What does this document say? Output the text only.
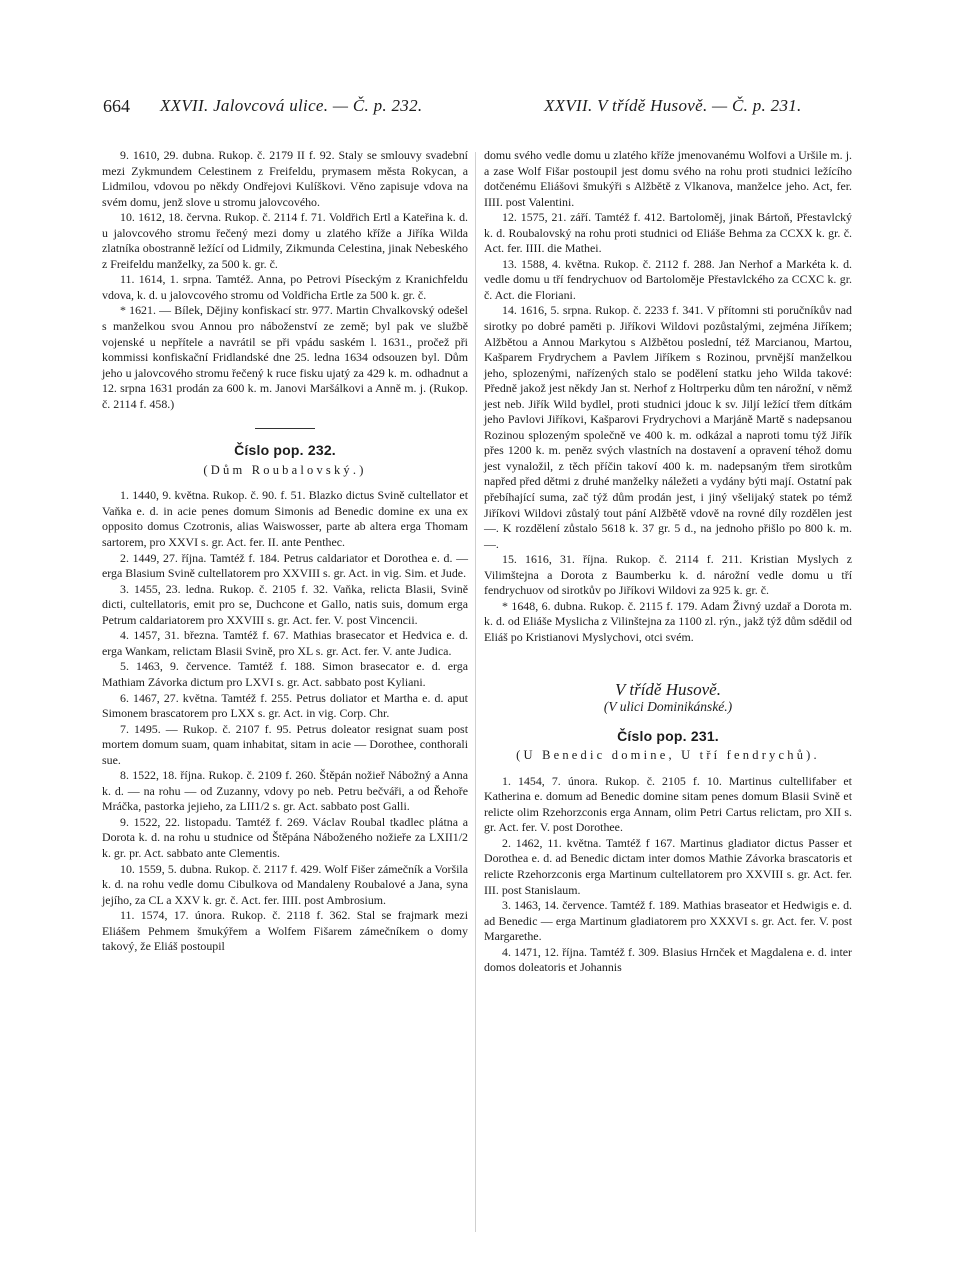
664 XXVII. Jalovcová ulice. — Č. p. 232.	XXVII. V třídě Husově. — Č. p. 231.

9. 1610, 29. dubna. Rukop. č. 2179 II f. 92. Staly se smlouvy svadební mezi Zykmundem Celestinem z Freifeldu, prymasem města Rokycan, a Lidmilou, vdovou po někdy Ondřejovi Kulíškovi. Věno zapisuje vdova na svém domu, jenž slove u stromu jalovcového.

10. 1612, 18. června. Rukop. č. 2114 f. 71. Voldřich Ertl a Kateřina k. d. u jalovcového stromu řečený mezi domy u zlatého kříže a Jiříka Wilda zlatníka obostranně ležící od Lidmily, Zikmunda Celestina, jinak Nebeského z Freifeldu manželky, za 500 k. gr. č.

11. 1614, 1. srpna. Tamtéž. Anna, po Petrovi Píseckým z Kranichfeldu vdova, k. d. u jalovcového stromu od Voldřicha Ertle za 500 k. gr. č.

* 1621. — Bílek, Dějiny konfiskací str. 977. Martin Chvalkovský odešel s manželkou svou Annou pro náboženství ze země; byl pak ve službě vojenské u nepřítele a navrátil se při vpádu saském l. 1631., pročež při kommissi konfiskační Fridlandské dne 25. ledna 1634 odsouzen byl. Dům jeho u jalovcového stromu řečený k ruce fisku ujatý za 429 k. m. odhadnut a 12. srpna 1631 prodán za 600 k. m. Janovi Maršálkovi a Anně m. j. (Rukop. č. 2114 f. 458.)

Číslo pop. 232.
(Dům Roubalovský.)

1. 1440, 9. května. Rukop. č. 90. f. 51. Blazko dictus Svině cultellator et Vaňka e. d. in acie penes domum Simonis ad Benedic domine ex una ex opposito domus Czotronis, alias Waiswosser, parte ab altera erga Thomam sartorem, pro XXVI s. gr. Act. fer. II. ante Penthec.

2. 1449, 27. října. Tamtéž f. 184. Petrus caldariator et Dorothea e. d. — erga Blasium Svině cultellatorem pro XXVIII s. gr. Act. in vig. Sim. et Jude.

3. 1455, 23. ledna. Rukop. č. 2105 f. 32. Vaňka, relicta Blasii, Svině dicti, cultellatoris, emit pro se, Duchcone et Gallo, natis suis, domum erga Petrum caldariatorem pro XXVIII s. gr. Act. fer. V. post Vincencii.

4. 1457, 31. března. Tamtéž f. 67. Mathias brasecator et Hedvica e. d. erga Wankam, relictam Blasii Svině, pro XL s. gr. Act. fer. V. ante Judica.

5. 1463, 9. července. Tamtéž f. 188. Simon brasecator e. d. erga Mathiam Závorka dictum pro LXVI s. gr. Act. sabbato post Kyliani.

6. 1467, 27. května. Tamtéž f. 255. Petrus doliator et Martha e. d. aput Simonem brascatorem pro LXX s. gr. Act. in vig. Corp. Chr.

7. 1495. — Rukop. č. 2107 f. 95. Petrus doleator resignat suam post mortem domum suam, quam inhabitat, sitam in acie — Dorothee, conthorali sue.

8. 1522, 18. října. Rukop. č. 2109 f. 260. Štěpán nožieř Nábožný a Anna k. d. — na rohu — od Zuzanny, vdovy po neb. Petru bečváři, a od Řehoře Mráčka, pastorka jejieho, za LII1/2 s. gr. Act. sabbato post Galli.

9. 1522, 22. listopadu. Tamtéž f. 269. Václav Roubal tkadlec plátna a Dorota k. d. na rohu u studnice od Štěpána Náboženého nožieře za LXII1/2 k. gr. pr. Act. sabbato ante Clementis.

10. 1559, 5. dubna. Rukop. č. 2117 f. 429. Wolf Fišer zámečník a Voršila k. d. na rohu vedle domu Cibulkova od Mandaleny Roubalové a Jana, syna jejího, za CL a XXV k. gr. č. Act. fer. IIII. post Ambrosium.

11. 1574, 17. února. Rukop. č. 2118 f. 362. Stal se frajmark mezi Eliášem Pehmem šmukýřem a Wolfem Fišarem zámečníkem o domy takový, že Eliáš postoupil

domu svého vedle domu u zlatého kříže jmenovanému Wolfovi a Uršile m. j. a zase Wolf Fišar postoupil jest domu svého na rohu proti studnici ležícího dotčenému Eliášovi šmukýři s Alžbětě z Vlkanova, manželce jeho. Act, fer. IIII. post Valentini.

12. 1575, 21. září. Tamtéž f. 412. Bartoloměj, jinak Bártoň, Přestavlcký k. d. Roubalovský na rohu proti studnici od Eliáše Behma za CCXX k. gr. č. Act. fer. IIII. die Mathei.

13. 1588, 4. května. Rukop. č. 2112 f. 288. Jan Nerhof a Markéta k. d. vedle domu u tří fendrychuov od Bartoloměje Přestavlckého za CCXC k. gr. č. Act. die Floriani.

14. 1616, 5. srpna. Rukop. č. 2233 f. 341. V přítomni sti poručníkův nad sirotky po dobré paměti p. Jiříkovi Wildovi pozůstalými, zejména Jiříkem; Alžbětou a Annou Markytou s Alžbětou poslední, též Marcianou, Martou, Kašparem Frydrychem a Pavlem Jiříkem s Rozinou, prvnější manželkou jeho, splozenými, nařízených stalo se podělení statku jeho Wilda takové: Předně jakož jest někdy Jan st. Nerhof z Holtrperku dům ten nárožní, v němž jest neb. Jiřík Wild bydlel, proti studnici jdouc k sv. Jiljí ležící třem dítkám jeho Pavlovi Jiříkovi, Kašparovi Frydrychovi a Marjáně Martě s nadepsanou Rozinou splozeným společně ve 400 k. m. odkázal a naproti tomu týž Jiřík přes 1200 k. m. peněz svých vlastních na dostavení a opravení téhož domu jest vynaložil, z těch příčin takoví 400 k. m. nadepsaným třem sirotkům napřed před dětmi z druhé manželky náležeti a vydány býti mají. Ostatní pak přebíhající suma, zač týž dům prodán jest, i jiný všelijaký statek po témž Jiříkovi Wildovi zůstalý tout pání Alžbětě vdově na rovné díly rozdělen jest —. K rozdělení zůstalo 5618 k. 37 gr. 5 d., na jednoho přišlo po 800 k. m. —.

15. 1616, 31. října. Rukop. č. 2114 f. 211. Kristian Myslych z Vilimštejna a Dorota z Baumberku k. d. nárožní vedle domu u tří fendrychuov od sirotkův po Jiříkovi Wildovi za 925 k. gr. č.

* 1648, 6. dubna. Rukop. č. 2115 f. 179. Adam Živný uzdař a Dorota m. k. d. od Eliáše Myslicha z Vilinštejna za 1100 zl. rýn., jakž týž dům sdědil od Eliáš po Kristianovi Myslychovi, otci svém.

V třídě Husově.
(V ulici Dominikánské.)
Číslo pop. 231.
(U Benedic domine, U tří fendrychů).

1. 1454, 7. února. Rukop. č. 2105 f. 10. Martinus cultellifaber et Katherina e. domum ad Benedic domine sitam penes domum Blasii Svině et relicte olim Rzehorzconis erga Annam, olim Petri Cartus relictam, pro XII s. gr. Act. fer. V. post Dorothee.

2. 1462, 11. května. Tamtéž f 167. Martinus gladiator dictus Passer et Dorothea e. d. ad Benedic dictam inter domos Mathie Závorka brascatoris et relicte Rzehorzconis erga Martinum cultellatorem pro XXVIII s. gr. Act. fer. III. post Stanislaum.

3. 1463, 14. července. Tamtéž f. 189. Mathias braseator et Hedwigis e. d. ad Benedic — erga Martinum gladiatorem pro XXXVI s. gr. Act. fer. V. post Margarethe.

4. 1471, 12. října. Tamtéž f. 309. Blasius Hrnček et Magdalena e. d. inter domos doleatoris et Johannis
